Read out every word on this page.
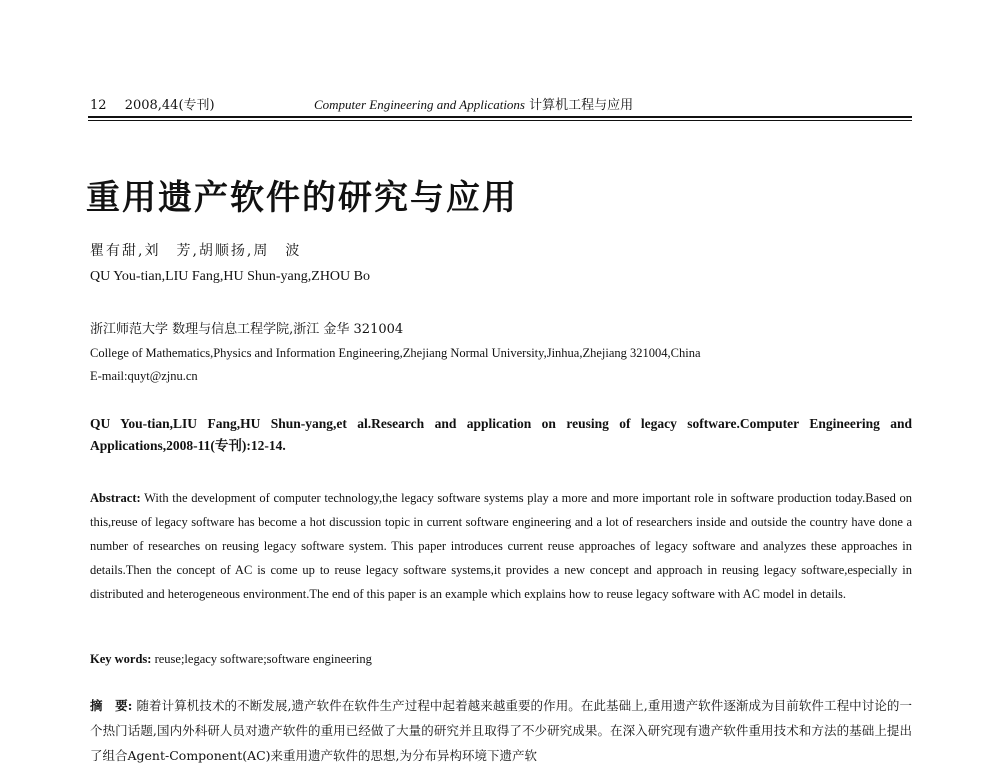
12 2008,44(专刊)	Computer Engineering and Applications 计算机工程与应用
重用遗产软件的研究与应用
瞿有甜,刘　芳,胡顺扬,周　波
QU You-tian,LIU Fang,HU Shun-yang,ZHOU Bo
浙江师范大学 数理与信息工程学院,浙江 金华 321004
College of Mathematics,Physics and Information Engineering,Zhejiang Normal University,Jinhua,Zhejiang 321004,China
E-mail:quyt@zjnu.cn
QU You-tian,LIU Fang,HU Shun-yang,et al.Research and application on reusing of legacy software.Computer Engineering and Applications,2008-11(专刊):12-14.
Abstract: With the development of computer technology,the legacy software systems play a more and more important role in software production today.Based on this,reuse of legacy software has become a hot discussion topic in current software engineering and a lot of researchers inside and outside the country have done a number of researches on reusing legacy software system. This paper introduces current reuse approaches of legacy software and analyzes these approaches in details.Then the concept of AC is come up to reuse legacy software systems,it provides a new concept and approach in reusing legacy software,especially in distributed and heterogeneous environment.The end of this paper is an example which explains how to reuse legacy software with AC model in details.
Key words: reuse;legacy software;software engineering
摘　要: 随着计算机技术的不断发展,遗产软件在软件生产过程中起着越来越重要的作用。在此基础上,重用遗产软件逐渐成为目前软件工程中讨论的一个热门话题,国内外科研人员对遗产软件的重用已经做了大量的研究并且取得了不少研究成果。在深入研究现有遗产软件重用技术和方法的基础上提出了组合Agent-Component(AC)来重用遗产软件的思想,为分布异构环境下遗产软
